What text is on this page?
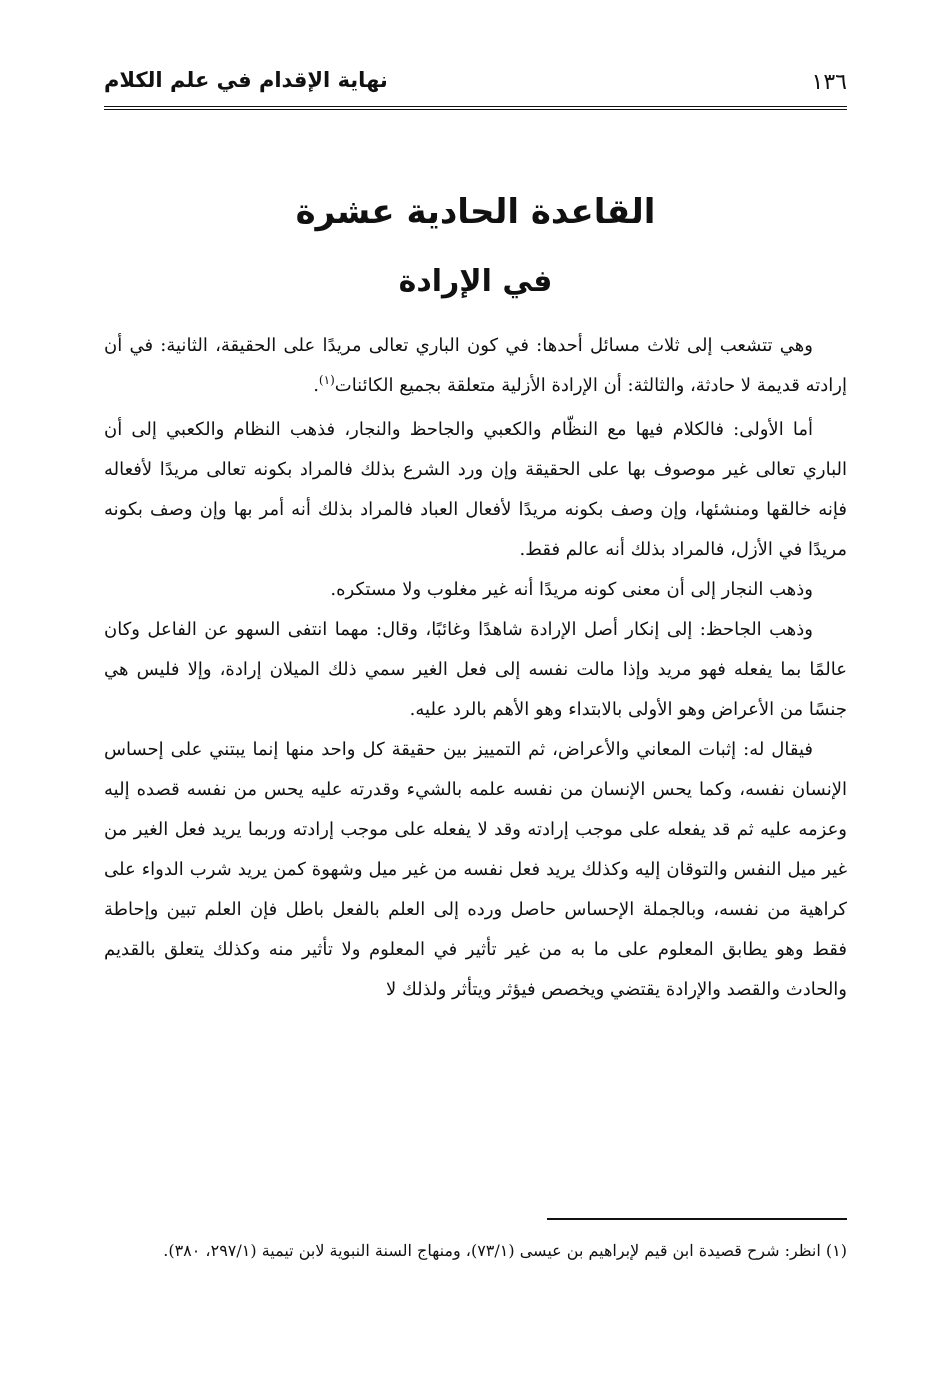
١٣٦
نهاية الإقدام في علم الكلام
القاعدة الحادية عشرة
في الإرادة

وهي تتشعب إلى ثلاث مسائل أحدها: في كون الباري تعالى مريدًا على الحقيقة، الثانية: في أن إرادته قديمة لا حادثة، والثالثة: أن الإرادة الأزلية متعلقة بجميع الكائنات$^{(١)}$.

أما الأولى: فالكلام فيها مع النظّام والكعبي والجاحظ والنجار، فذهب النظام والكعبي إلى أن الباري تعالى غير موصوف بها على الحقيقة وإن ورد الشرع بذلك فالمراد بكونه تعالى مريدًا لأفعاله فإنه خالقها ومنشئها، وإن وصف بكونه مريدًا لأفعال العباد فالمراد بذلك أنه أمر بها وإن وصف بكونه مريدًا في الأزل، فالمراد بذلك أنه عالم فقط.

وذهب النجار إلى أن معنى كونه مريدًا أنه غير مغلوب ولا مستكره.

وذهب الجاحظ: إلى إنكار أصل الإرادة شاهدًا وغائبًا، وقال: مهما انتفى السهو عن الفاعل وكان عالمًا بما يفعله فهو مريد وإذا مالت نفسه إلى فعل الغير سمي ذلك الميلان إرادة، وإلا فليس هي جنسًا من الأعراض وهو الأولى بالابتداء وهو الأهم بالرد عليه.

فيقال له: إثبات المعاني والأعراض، ثم التمييز بين حقيقة كل واحد منها إنما يبتني على إحساس الإنسان نفسه، وكما يحس الإنسان من نفسه علمه بالشيء وقدرته عليه يحس من نفسه قصده إليه وعزمه عليه ثم قد يفعله على موجب إرادته وقد لا يفعله على موجب إرادته وربما يريد فعل الغير من غير ميل النفس والتوقان إليه وكذلك يريد فعل نفسه من غير ميل وشهوة كمن يريد شرب الدواء على كراهية من نفسه، وبالجملة الإحساس حاصل ورده إلى العلم بالفعل باطل فإن العلم تبين وإحاطة فقط وهو يطابق المعلوم على ما به من غير تأثير في المعلوم ولا تأثير منه وكذلك يتعلق بالقديم والحادث والقصد والإرادة يقتضي ويخصص فيؤثر ويتأثر ولذلك لا

(١) انظر: شرح قصيدة ابن قيم لإبراهيم بن عيسى (٧٣/١)، ومنهاج السنة النبوية لابن تيمية (٢٩٧/١، ٣٨٠).
